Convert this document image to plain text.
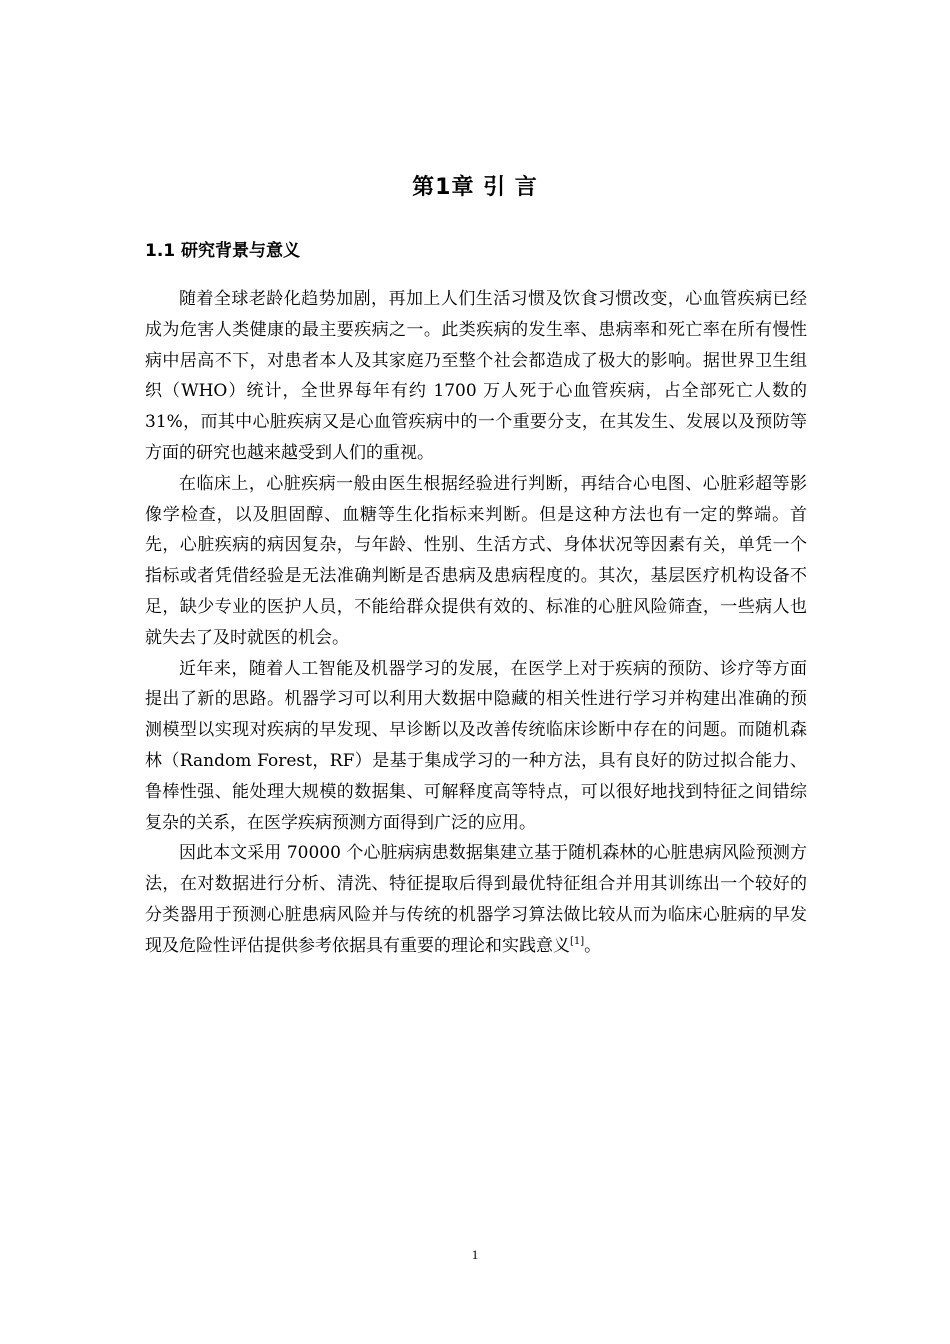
第1章 引 言
1.1 研究背景与意义

随着全球老龄化趋势加剧，再加上人们生活习惯及饮食习惯改变，心血管疾病已经成为危害人类健康的最主要疾病之一。此类疾病的发生率、患病率和死亡率在所有慢性病中居高不下，对患者本人及其家庭乃至整个社会都造成了极大的影响。据世界卫生组织（WHO）统计，全世界每年有约 1700 万人死于心血管疾病，占全部死亡人数的 31%，而其中心脏疾病又是心血管疾病中的一个重要分支，在其发生、发展以及预防等方面的研究也越来越受到人们的重视。

在临床上，心脏疾病一般由医生根据经验进行判断，再结合心电图、心脏彩超等影像学检查，以及胆固醇、血糖等生化指标来判断。但是这种方法也有一定的弊端。首先，心脏疾病的病因复杂，与年龄、性别、生活方式、身体状况等因素有关，单凭一个指标或者凭借经验是无法准确判断是否患病及患病程度的。其次，基层医疗机构设备不足，缺少专业的医护人员，不能给群众提供有效的、标准的心脏风险筛查，一些病人也就失去了及时就医的机会。

近年来，随着人工智能及机器学习的发展，在医学上对于疾病的预防、诊疗等方面提出了新的思路。机器学习可以利用大数据中隐藏的相关性进行学习并构建出准确的预测模型以实现对疾病的早发现、早诊断以及改善传统临床诊断中存在的问题。而随机森林（Random Forest，RF）是基于集成学习的一种方法，具有良好的防过拟合能力、鲁棒性强、能处理大规模的数据集、可解释度高等特点，可以很好地找到特征之间错综复杂的关系，在医学疾病预测方面得到广泛的应用。

因此本文采用 70000 个心脏病病患数据集建立基于随机森林的心脏患病风险预测方法，在对数据进行分析、清洗、特征提取后得到最优特征组合并用其训练出一个较好的分类器用于预测心脏患病风险并与传统的机器学习算法做比较从而为临床心脏病的早发现及危险性评估提供参考依据具有重要的理论和实践意义[1]。

1
